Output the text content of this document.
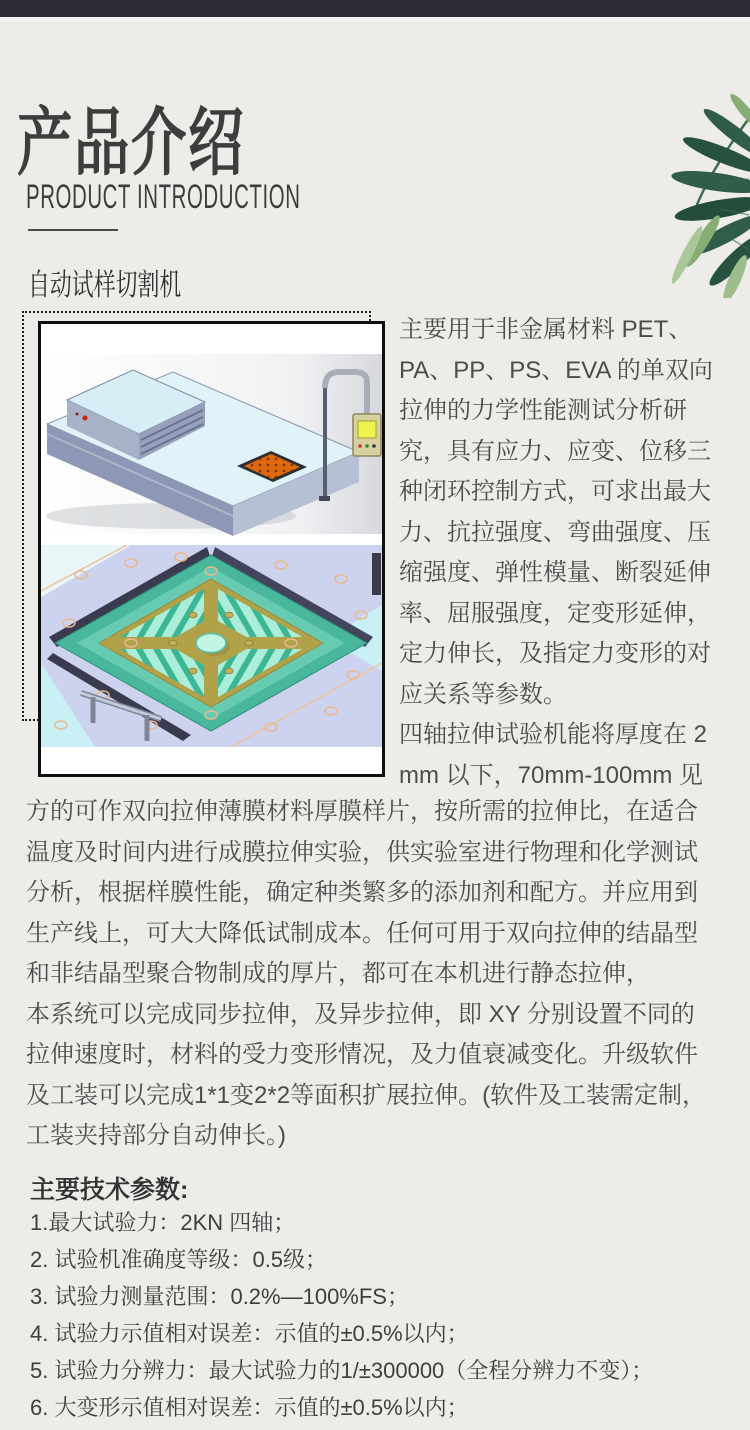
产品介绍
PRODUCT INTRODUCTION
自动试样切割机
主要用于非金属材料 PET、
PA、PP、PS、EVA 的单双向
拉伸的力学性能测试分析研
究，具有应力、应变、位移三
种闭环控制方式，可求出最大
力、抗拉强度、弯曲强度、压
缩强度、弹性模量、断裂延伸
率、屈服强度，定变形延伸，
定力伸长，及指定力变形的对
应关系等参数。
四轴拉伸试验机能将厚度在 2
mm 以下，70mm-100mm 见
方的可作双向拉伸薄膜材料厚膜样片，按所需的拉伸比，在适合
温度及时间内进行成膜拉伸实验，供实验室进行物理和化学测试
分析，根据样膜性能，确定种类繁多的添加剂和配方。并应用到
生产线上，可大大降低试制成本。任何可用于双向拉伸的结晶型
和非结晶型聚合物制成的厚片，都可在本机进行静态拉伸，
本系统可以完成同步拉伸，及异步拉伸，即 XY 分别设置不同的
拉伸速度时，材料的受力变形情况，及力值衰减变化。升级软件
及工装可以完成1*1变2*2等面积扩展拉伸。(软件及工装需定制，
工装夹持部分自动伸长。)
主要技术参数:
1.最大试验力：2KN 四轴；
2. 试验机准确度等级：0.5级；
3. 试验力测量范围：0.2%—100%FS；
4. 试验力示值相对误差：示值的±0.5%以内；
5. 试验力分辨力：最大试验力的1/±300000（全程分辨力不变）；
6. 大变形示值相对误差：示值的±0.5%以内；
